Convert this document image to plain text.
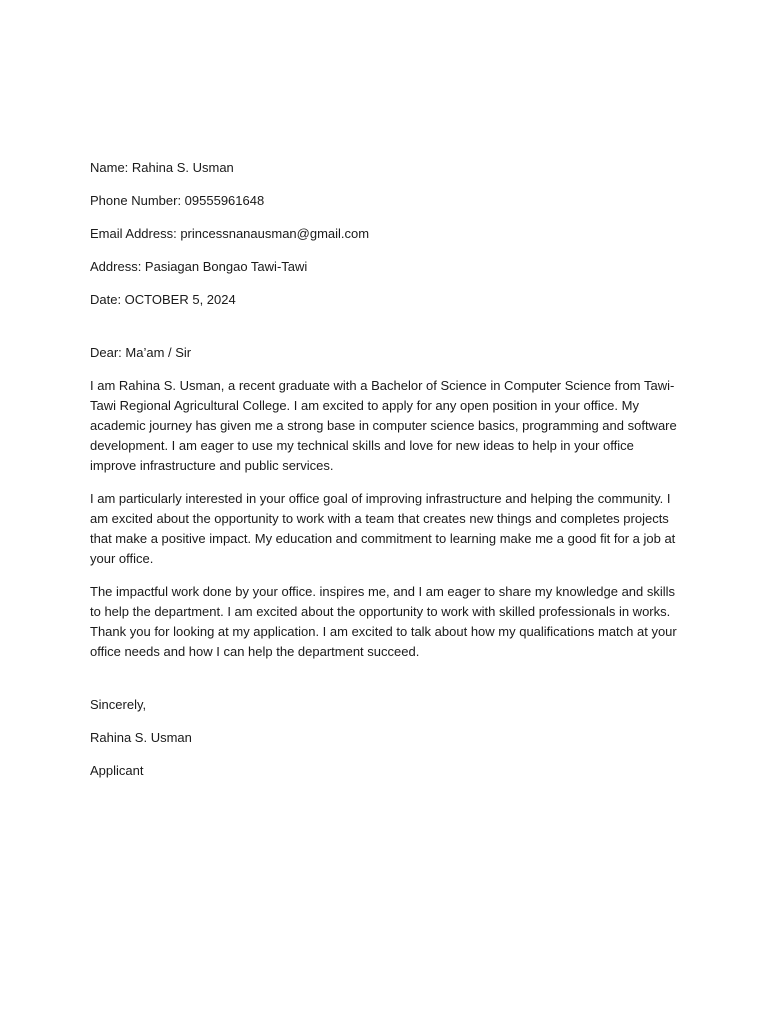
Name: Rahina S. Usman

Phone Number: 09555961648

Email Address: princessnanausman@gmail.com

Address: Pasiagan Bongao Tawi-Tawi

Date: OCTOBER 5, 2024

Dear: Ma’am / Sir

I am Rahina S. Usman, a recent graduate with a Bachelor of Science in Computer Science from Tawi-Tawi Regional Agricultural College. I am excited to apply for any open position in your office. My academic journey has given me a strong base in computer science basics, programming and software development. I am eager to use my technical skills and love for new ideas to help in your office improve infrastructure and public services.

I am particularly interested in your office goal of improving infrastructure and helping the community. I am excited about the opportunity to work with a team that creates new things and completes projects that make a positive impact. My education and commitment to learning make me a good fit for a job at your office.

The impactful work done by your office. inspires me, and I am eager to share my knowledge and skills to help the department. I am excited about the opportunity to work with skilled professionals in works. Thank you for looking at my application. I am excited to talk about how my qualifications match at your office needs and how I can help the department succeed.

Sincerely,

Rahina S. Usman

Applicant
